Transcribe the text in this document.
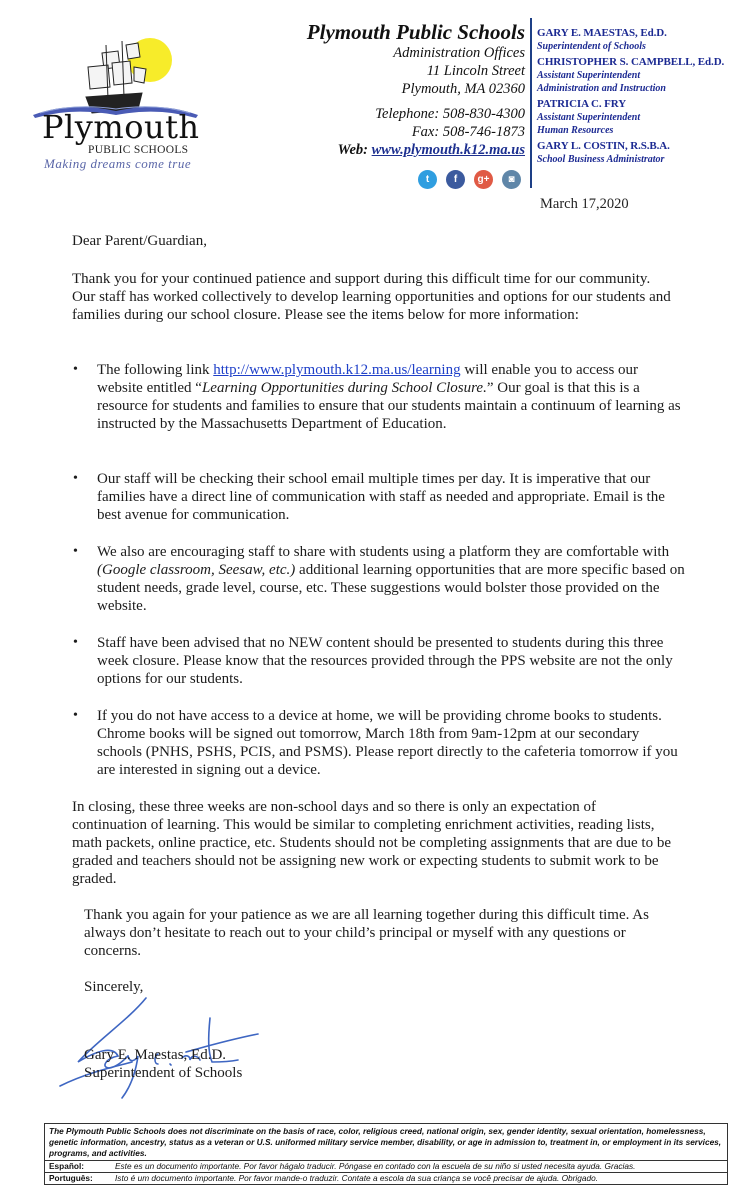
Plymouth
PUBLIC SCHOOLS
Making dreams come true
Plymouth Public Schools
Administration Offices
11 Lincoln Street
Plymouth, MA 02360
Telephone: 508-830-4300
Fax: 508-746-1873
Web: www.plymouth.k12.ma.us
t	f	g+	◙
GARY E. MAESTAS, Ed.D.
Superintendent of Schools
CHRISTOPHER S. CAMPBELL, Ed.D.
Assistant Superintendent
Administration and Instruction
PATRICIA C. FRY
Assistant Superintendent
Human Resources
GARY L. COSTIN, R.S.B.A.
School Business Administrator
March 17,2020
Dear Parent/Guardian,
Thank you for your continued patience and support during this difficult time for our community. Our staff has worked collectively to develop learning opportunities and options for our students and families during our school closure. Please see the items below for more information:
• The following link http://www.plymouth.k12.ma.us/learning will enable you to access our website entitled “Learning Opportunities during School Closure.” Our goal is that this is a resource for students and families to ensure that our students maintain a continuum of learning as instructed by the Massachusetts Department of Education.
• Our staff will be checking their school email multiple times per day. It is imperative that our families have a direct line of communication with staff as needed and appropriate. Email is the best avenue for communication.
• We also are encouraging staff to share with students using a platform they are comfortable with (Google classroom, Seesaw, etc.) additional learning opportunities that are more specific based on student needs, grade level, course, etc. These suggestions would bolster those provided on the website.
• Staff have been advised that no NEW content should be presented to students during this three week closure. Please know that the resources provided through the PPS website are not the only options for our students.
• If you do not have access to a device at home, we will be providing chrome books to students. Chrome books will be signed out tomorrow, March 18th from 9am-12pm at our secondary schools (PNHS, PSHS, PCIS, and PSMS). Please report directly to the cafeteria tomorrow if you are interested in signing out a device.
In closing, these three weeks are non-school days and so there is only an expectation of continuation of learning. This would be similar to completing enrichment activities, reading lists, math packets, online practice, etc. Students should not be completing assignments that are due to be graded and teachers should not be assigning new work or expecting students to submit work to be graded.
Thank you again for your patience as we are all learning together during this difficult time. As always don’t hesitate to reach out to your child’s principal or myself with any questions or concerns.
Sincerely,
Gary E. Maestas, Ed.D.
Superintendent of Schools
The Plymouth Public Schools does not discriminate on the basis of race, color, religious creed, national origin, sex, gender identity, sexual orientation, homelessness, genetic information, ancestry, status as a veteran or U.S. uniformed military service member, disability, or age in admission to, treatment in, or employment in its services, programs, and activities.
Español:	Este es un documento importante. Por favor hágalo traducir. Póngase en contado con la escuela de su niño si usted necesita ayuda. Gracias.
Português:	Isto é um documento importante. Por favor mande-o traduzir. Contate a escola da sua criança se você precisar de ajuda. Obrigado.
